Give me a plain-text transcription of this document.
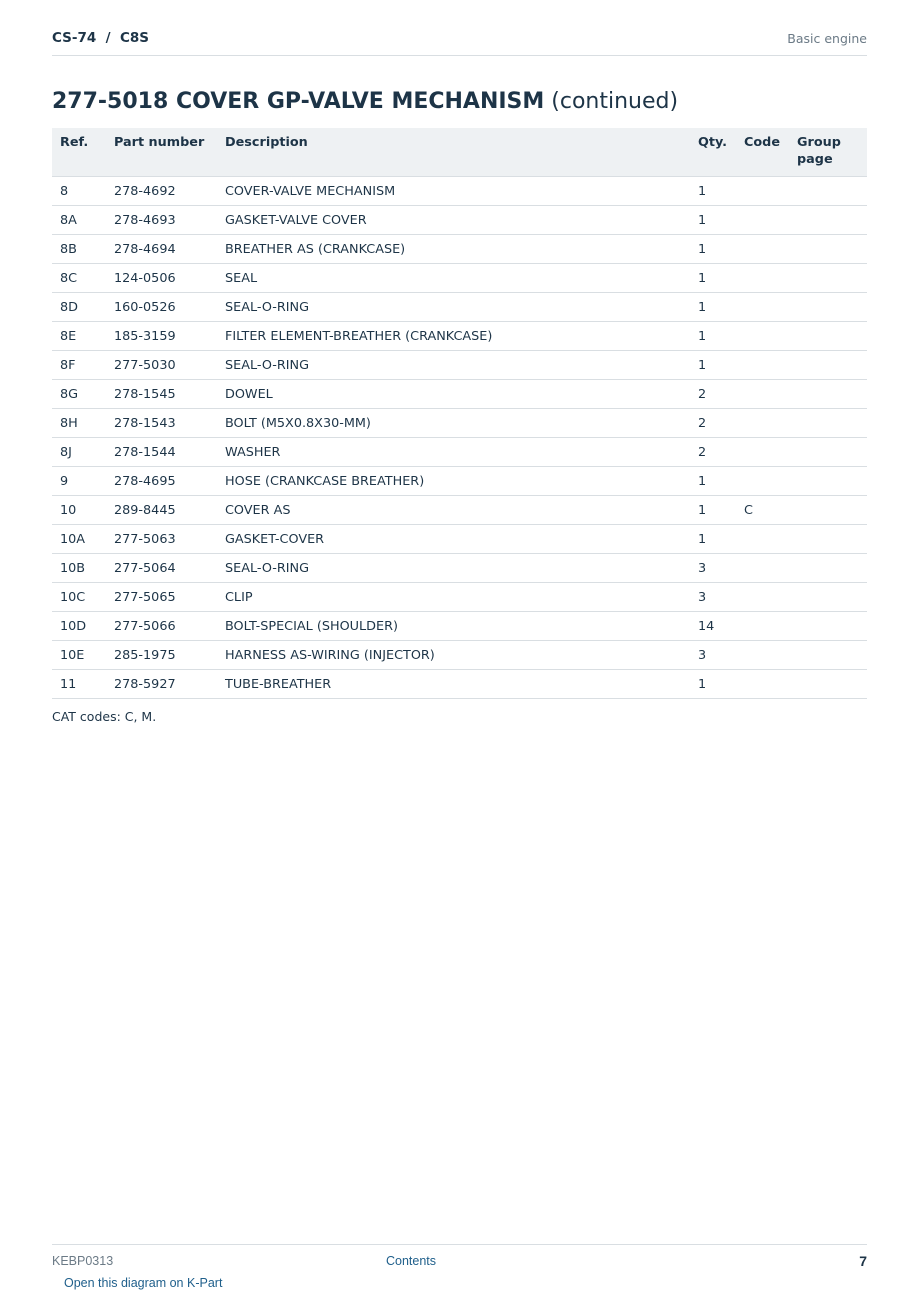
CS-74  /  C8S	Basic engine
277-5018 COVER GP-VALVE MECHANISM (continued)
Ref.	Part number	Description	Qty.	Code	Group page
8	278-4692	COVER-VALVE MECHANISM	1		
8A	278-4693	GASKET-VALVE COVER	1		
8B	278-4694	BREATHER AS (CRANKCASE)	1		
8C	124-0506	SEAL	1		
8D	160-0526	SEAL-O-RING	1		
8E	185-3159	FILTER ELEMENT-BREATHER (CRANKCASE)	1		
8F	277-5030	SEAL-O-RING	1		
8G	278-1545	DOWEL	2		
8H	278-1543	BOLT (M5X0.8X30-MM)	2		
8J	278-1544	WASHER	2		
9	278-4695	HOSE (CRANKCASE BREATHER)	1		
10	289-8445	COVER AS	1	C	
10A	277-5063	GASKET-COVER	1		
10B	277-5064	SEAL-O-RING	3		
10C	277-5065	CLIP	3		
10D	277-5066	BOLT-SPECIAL (SHOULDER)	14		
10E	285-1975	HARNESS AS-WIRING (INJECTOR)	3		
11	278-5927	TUBE-BREATHER	1		
CAT codes: C, M.
KEBP0313	Contents	7
Open this diagram on K-Part
